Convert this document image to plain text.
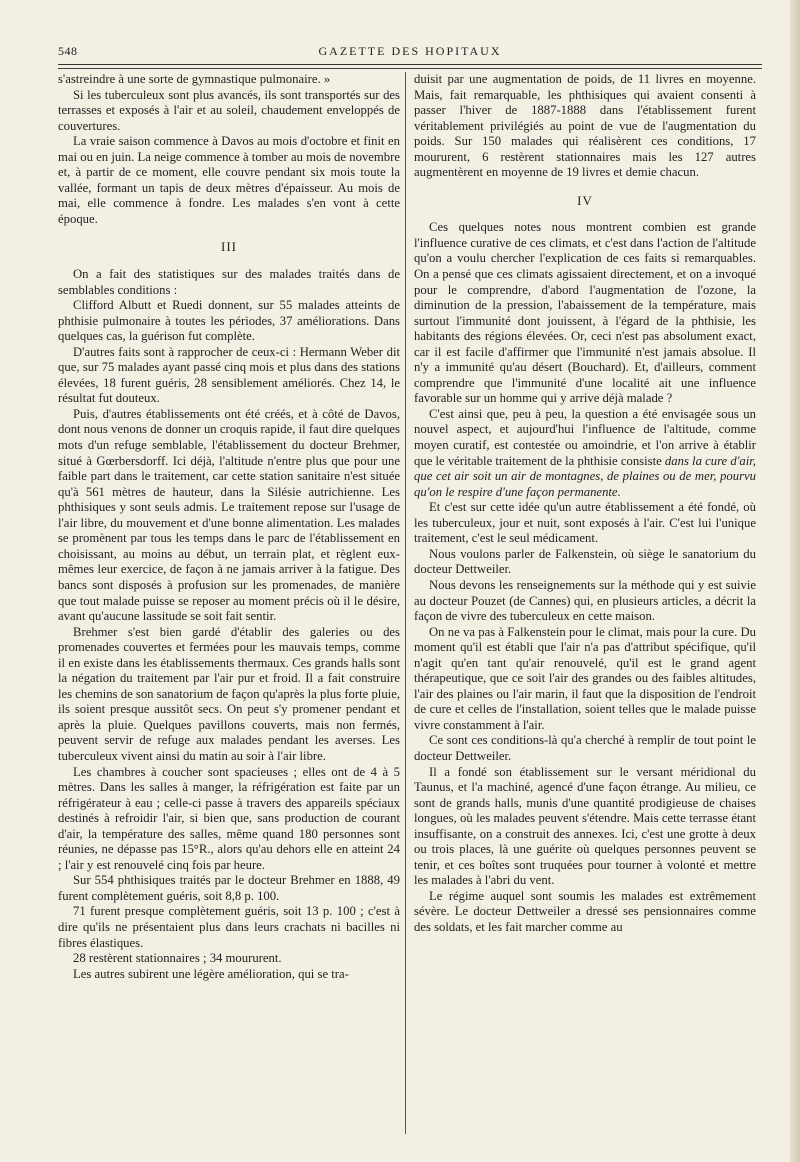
548	GAZETTE DES HOPITAUX

s'astreindre à une sorte de gymnastique pulmonaire. »

Si les tuberculeux sont plus avancés, ils sont transportés sur des terrasses et exposés à l'air et au soleil, chaudement enveloppés de couvertures.

La vraie saison commence à Davos au mois d'octobre et finit en mai ou en juin. La neige commence à tomber au mois de novembre et, à partir de ce moment, elle couvre pendant six mois toute la vallée, formant un tapis de deux mètres d'épaisseur. Au mois de mai, elle commence à fondre. Les malades s'en vont à cette époque.

III

On a fait des statistiques sur des malades traités dans de semblables conditions :

Clifford Albutt et Ruedi donnent, sur 55 malades atteints de phthisie pulmonaire à toutes les périodes, 37 améliorations. Dans quelques cas, la guérison fut complète.

D'autres faits sont à rapprocher de ceux-ci : Hermann Weber dit que, sur 75 malades ayant passé cinq mois et plus dans des stations élevées, 18 furent guéris, 28 sensiblement améliorés. Chez 14, le résultat fut douteux.

Puis, d'autres établissements ont été créés, et à côté de Davos, dont nous venons de donner un croquis rapide, il faut dire quelques mots d'un refuge semblable, l'établissement du docteur Brehmer, situé à Gœrbersdorff. Ici déjà, l'altitude n'entre plus que pour une faible part dans le traitement, car cette station sanitaire n'est située qu'à 561 mètres de hauteur, dans la Silésie autrichienne. Les phthisiques y sont seuls admis. Le traitement repose sur l'usage de l'air libre, du mouvement et d'une bonne alimentation. Les malades se promènent par tous les temps dans le parc de l'établissement en choisissant, au moins au début, un terrain plat, et règlent eux-mêmes leur exercice, de façon à ne jamais arriver à la fatigue. Des bancs sont disposés à profusion sur les promenades, de manière que tout malade puisse se reposer au moment précis où il le désire, avant qu'aucune lassitude se soit fait sentir.

Brehmer s'est bien gardé d'établir des galeries ou des promenades couvertes et fermées pour les mauvais temps, comme il en existe dans les établissements thermaux. Ces grands halls sont la négation du traitement par l'air pur et froid. Il a fait construire les chemins de son sanatorium de façon qu'après la plus forte pluie, ils soient presque aussitôt secs. On peut s'y promener pendant et après la pluie. Quelques pavillons couverts, mais non fermés, peuvent servir de refuge aux malades pendant les averses. Les tuberculeux vivent ainsi du matin au soir à l'air libre.

Les chambres à coucher sont spacieuses ; elles ont de 4 à 5 mètres. Dans les salles à manger, la réfrigération est faite par un réfrigérateur à eau ; celle-ci passe à travers des appareils spéciaux destinés à refroidir l'air, si bien que, sans production de courant d'air, la température des salles, même quand 180 personnes sont réunies, ne dépasse pas 15°R., alors qu'au dehors elle en atteint 24 ; l'air y est renouvelé cinq fois par heure.

Sur 554 phthisiques traités par le docteur Brehmer en 1888, 49 furent complètement guéris, soit 8,8 p. 100.

71 furent presque complètement guéris, soit 13 p. 100 ; c'est à dire qu'ils ne présentaient plus dans leurs crachats ni bacilles ni fibres élastiques.

28 restèrent stationnaires ; 34 moururent.

Les autres subirent une légère amélioration, qui se tra-

duisit par une augmentation de poids, de 11 livres en moyenne. Mais, fait remarquable, les phthisiques qui avaient consenti à passer l'hiver de 1887-1888 dans l'établissement furent véritablement privilégiés au point de vue de l'augmentation du poids. Sur 150 malades qui réalisèrent ces conditions, 17 moururent, 6 restèrent stationnaires mais les 127 autres augmentèrent en moyenne de 19 livres et demie chacun.

IV

Ces quelques notes nous montrent combien est grande l'influence curative de ces climats, et c'est dans l'action de l'altitude qu'on a voulu chercher l'explication de ces faits si remarquables. On a pensé que ces climats agissaient directement, et on a invoqué pour le comprendre, d'abord l'augmentation de l'ozone, la diminution de la pression, l'abaissement de la température, mais surtout l'immunité dont jouissent, à l'égard de la phthisie, les habitants des régions élevées. Or, ceci n'est pas absolument exact, car il est facile d'affirmer que l'immunité n'est jamais absolue. Il n'y a immunité qu'au désert (Bouchard). Et, d'ailleurs, comment comprendre que l'immunité d'une localité ait une influence favorable sur un homme qui y arrive déjà malade ?

C'est ainsi que, peu à peu, la question a été envisagée sous un nouvel aspect, et aujourd'hui l'influence de l'altitude, comme moyen curatif, est contestée ou amoindrie, et l'on arrive à établir que le véritable traitement de la phthisie consiste dans la cure d'air, que cet air soit un air de montagnes, de plaines ou de mer, pourvu qu'on le respire d'une façon permanente.

Et c'est sur cette idée qu'un autre établissement a été fondé, où les tuberculeux, jour et nuit, sont exposés à l'air. C'est lui l'unique traitement, c'est le seul médicament.

Nous voulons parler de Falkenstein, où siège le sanatorium du docteur Dettweiler.

Nous devons les renseignements sur la méthode qui y est suivie au docteur Pouzet (de Cannes) qui, en plusieurs articles, a décrit la façon de vivre des tuberculeux en cette maison.

On ne va pas à Falkenstein pour le climat, mais pour la cure. Du moment qu'il est établi que l'air n'a pas d'attribut spécifique, qu'il n'agit qu'en tant qu'air renouvelé, qu'il est le grand agent thérapeutique, que ce soit l'air des grandes ou des faibles altitudes, l'air des plaines ou l'air marin, il faut que la disposition de l'endroit de cure et celles de l'installation, soient telles que le malade puisse vivre constamment à l'air.

Ce sont ces conditions-là qu'a cherché à remplir de tout point le docteur Dettweiler.

Il a fondé son établissement sur le versant méridional du Taunus, et l'a machiné, agencé d'une façon étrange. Au milieu, ce sont de grands halls, munis d'une quantité prodigieuse de chaises longues, où les malades peuvent s'étendre. Mais cette terrasse étant insuffisante, on a construit des annexes. Ici, c'est une grotte à deux ou trois places, là une guérite où quelques personnes peuvent se tenir, et ces boîtes sont truquées pour tourner à volonté et mettre les malades à l'abri du vent.

Le régime auquel sont soumis les malades est extrêmement sévère. Le docteur Dettweiler a dressé ses pensionnaires comme des soldats, et les fait marcher comme au
